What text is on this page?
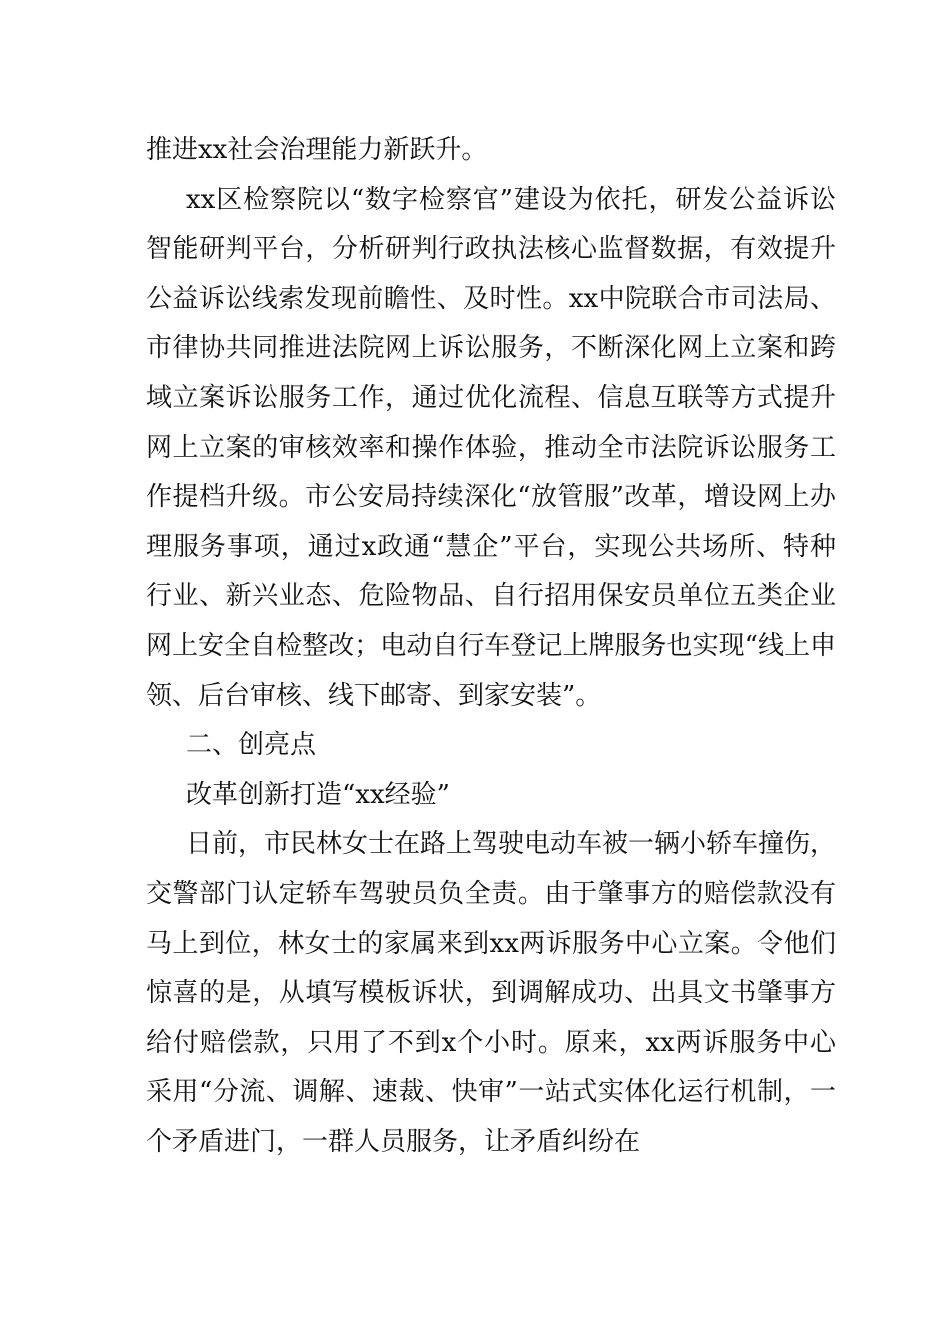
推进xx社会治理能力新跃升。

xx区检察院以“数字检察官”建设为依托，研发公益诉讼智能研判平台，分析研判行政执法核心监督数据，有效提升公益诉讼线索发现前瞻性、及时性。xx中院联合市司法局、市律协共同推进法院网上诉讼服务，不断深化网上立案和跨域立案诉讼服务工作，通过优化流程、信息互联等方式提升网上立案的审核效率和操作体验，推动全市法院诉讼服务工作提档升级。市公安局持续深化“放管服”改革，增设网上办理服务事项，通过x政通“慧企”平台，实现公共场所、特种行业、新兴业态、危险物品、自行招用保安员单位五类企业网上安全自检整改；电动自行车登记上牌服务也实现“线上申领、后台审核、线下邮寄、到家安装”。

二、创亮点

改革创新打造“xx经验”

日前，市民林女士在路上驾驶电动车被一辆小轿车撞伤，交警部门认定轿车驾驶员负全责。由于肇事方的赔偿款没有马上到位，林女士的家属来到xx两诉服务中心立案。令他们惊喜的是，从填写模板诉状，到调解成功、出具文书肇事方给付赔偿款，只用了不到x个小时。原来，xx两诉服务中心采用“分流、调解、速裁、快审”一站式实体化运行机制，一个矛盾进门，一群人员服务，让矛盾纠纷在
